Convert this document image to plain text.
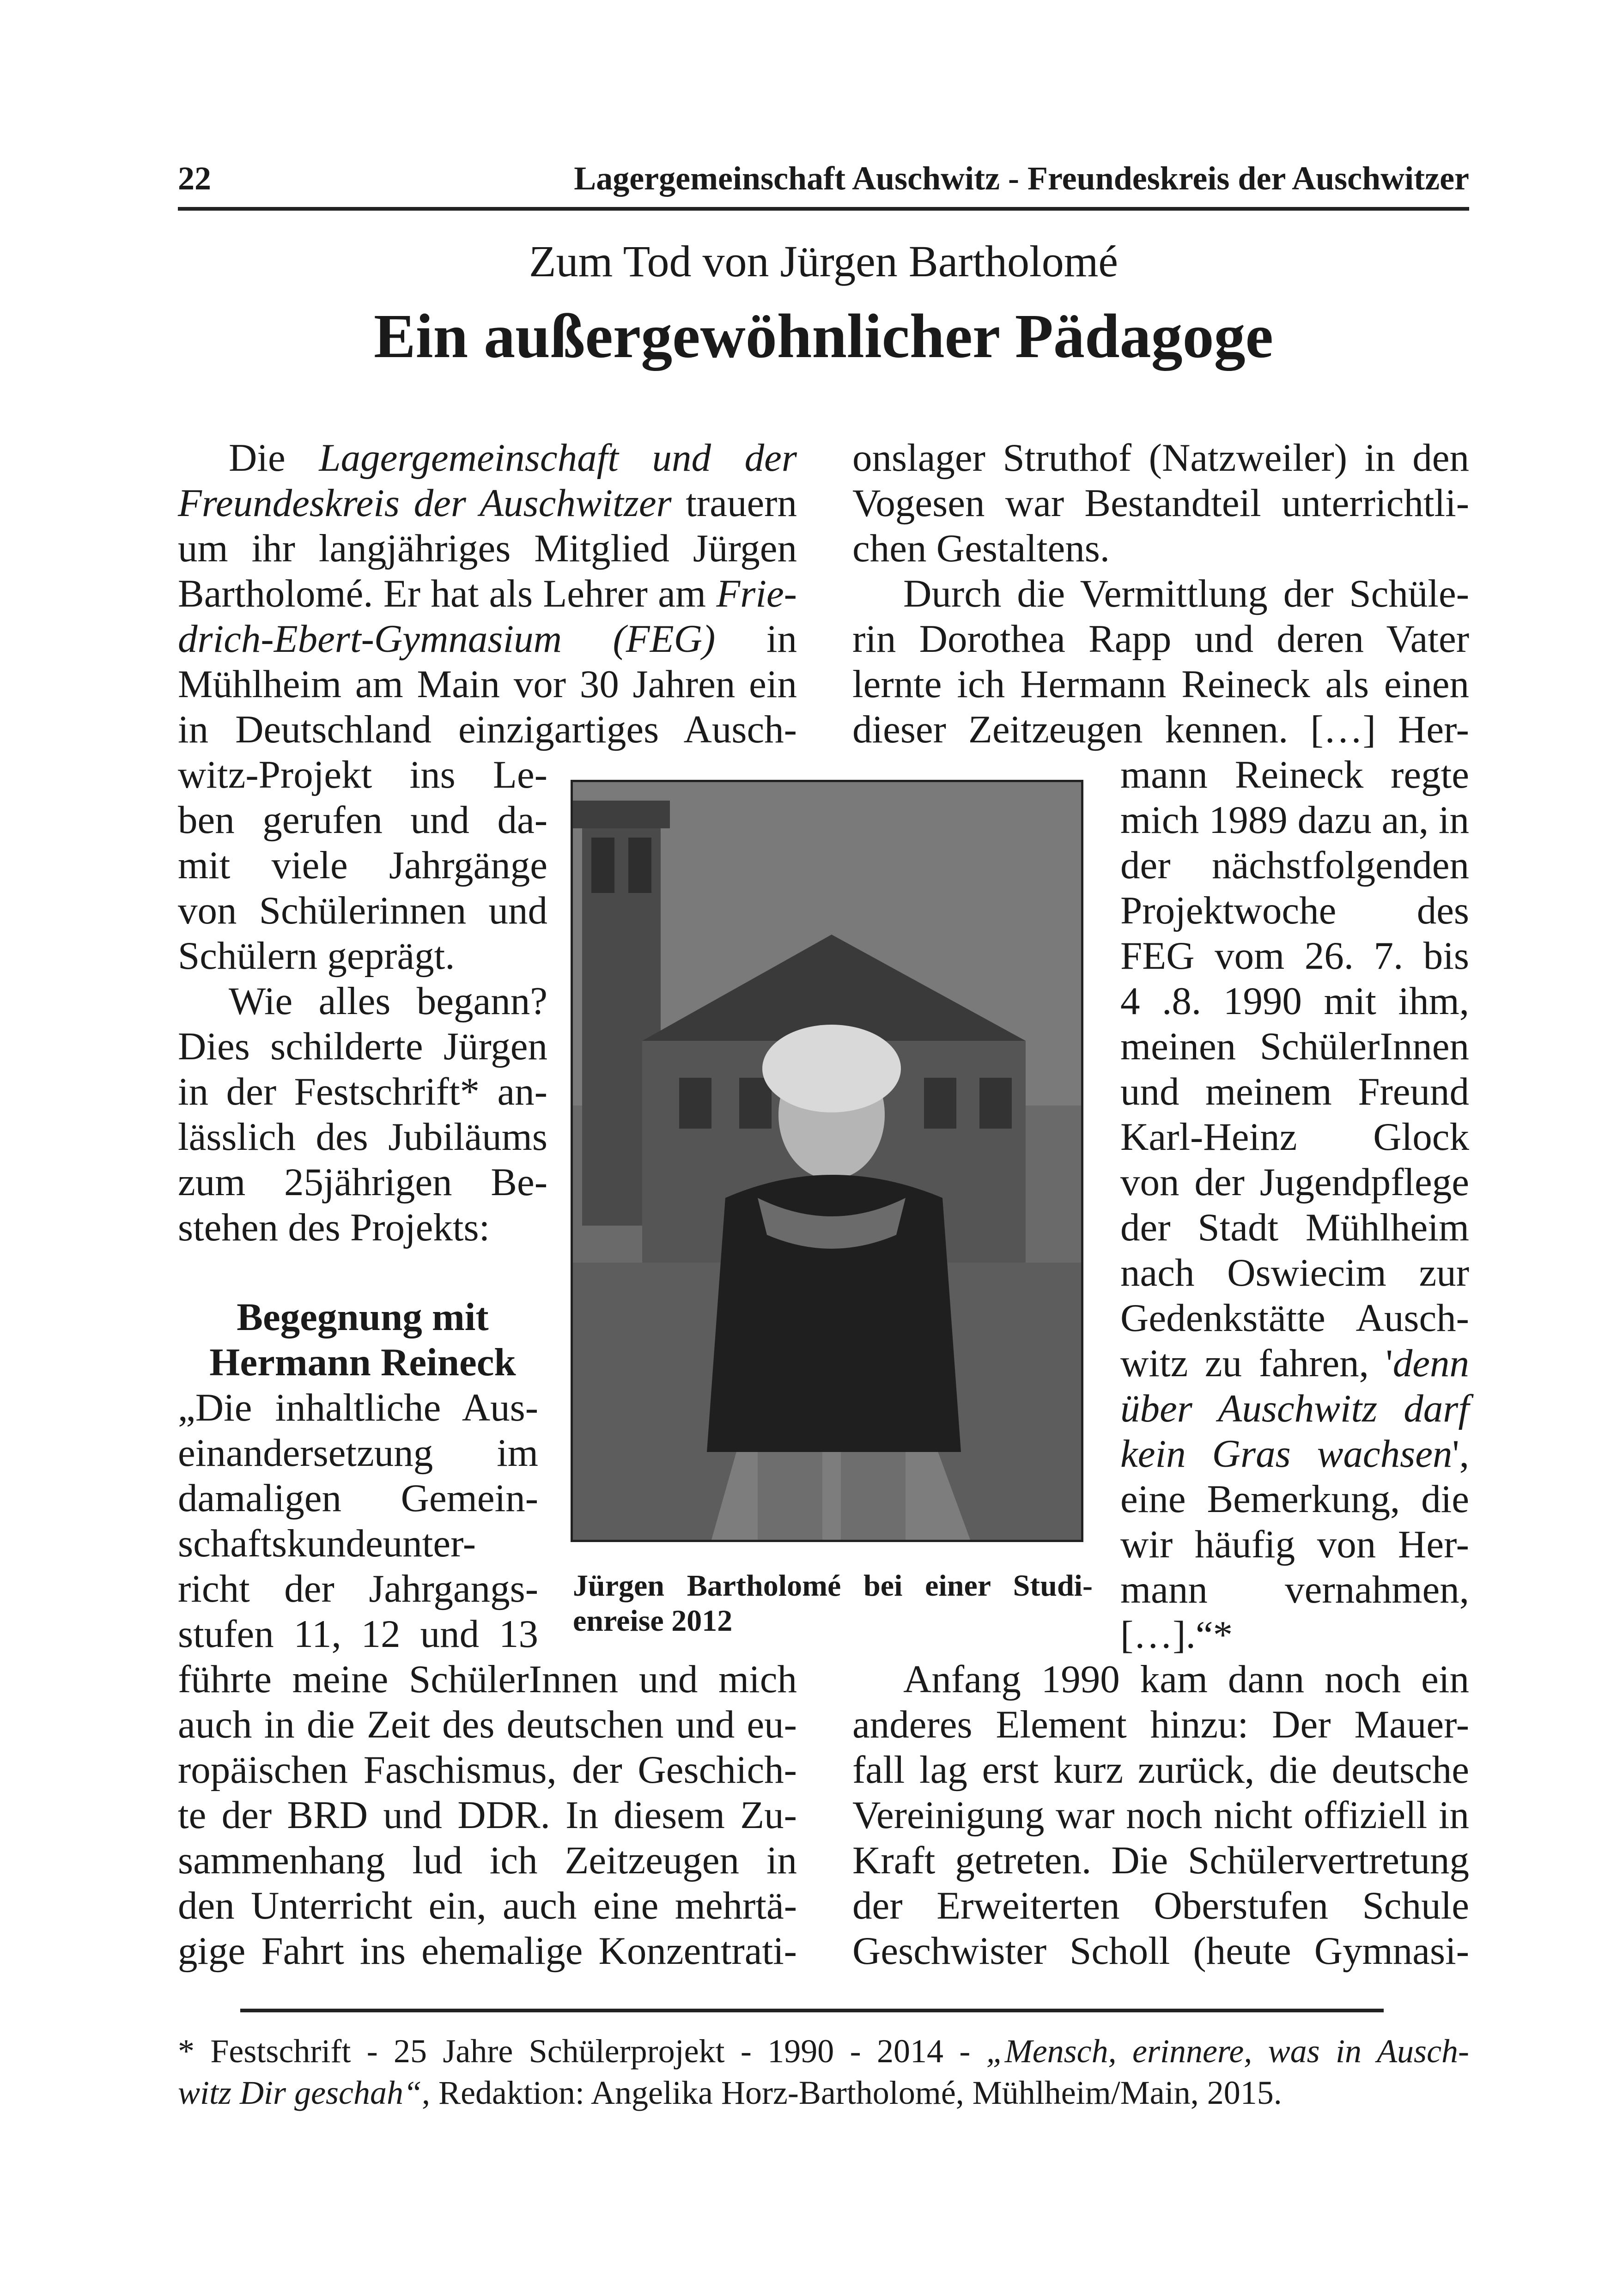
22	Lagergemeinschaft Auschwitz - Freundeskreis der Auschwitzer
Zum Tod von Jürgen Bartholomé
Ein außergewöhnlicher Pädagoge
Die Lagergemeinschaft und der
Freundeskreis der Auschwitzer trauern
um ihr langjähriges Mitglied Jürgen
Bartholomé. Er hat als Lehrer am Frie-
drich-Ebert-Gymnasium (FEG) in
Mühlheim am Main vor 30 Jahren ein
in Deutschland einzigartiges Ausch-
witz-Projekt ins Le-
ben gerufen und da-
mit viele Jahrgänge
von Schülerinnen und
Schülern geprägt.
Wie alles begann?
Dies schilderte Jürgen
in der Festschrift* an-
lässlich des Jubiläums
zum 25jährigen Be-
stehen des Projekts:
Begegnung mit
Hermann Reineck
„Die inhaltliche Aus-
einandersetzung im
damaligen Gemein-
schaftskundeunter-
richt der Jahrgangs-
stufen 11, 12 und 13
führte meine SchülerInnen und mich
auch in die Zeit des deutschen und eu-
ropäischen Faschismus, der Geschich-
te der BRD und DDR. In diesem Zu-
sammenhang lud ich Zeitzeugen in
den Unterricht ein, auch eine mehrtä-
gige Fahrt ins ehemalige Konzentrati-
Jürgen Bartholomé bei einer Studi-
enreise 2012
onslager Struthof (Natzweiler) in den
Vogesen war Bestandteil unterrichtli-
chen Gestaltens.
Durch die Vermittlung der Schüle-
rin Dorothea Rapp und deren Vater
lernte ich Hermann Reineck als einen
dieser Zeitzeugen kennen. […] Her-
mann Reineck regte
mich 1989 dazu an, in
der nächstfolgenden
Projektwoche des
FEG vom 26. 7. bis
4 .8. 1990 mit ihm,
meinen SchülerInnen
und meinem Freund
Karl-Heinz Glock
von der Jugendpflege
der Stadt Mühlheim
nach Oswiecim zur
Gedenkstätte Ausch-
witz zu fahren, 'denn
über Auschwitz darf
kein Gras wachsen',
eine Bemerkung, die
wir häufig von Her-
mann vernahmen,
[…].“*
Anfang 1990 kam dann noch ein
anderes Element hinzu: Der Mauer-
fall lag erst kurz zurück, die deutsche
Vereinigung war noch nicht offiziell in
Kraft getreten. Die Schülervertretung
der Erweiterten Oberstufen Schule
Geschwister Scholl (heute Gymnasi-
* Festschrift - 25 Jahre Schülerprojekt - 1990 - 2014 - „Mensch, erinnere, was in Ausch-
witz Dir geschah“, Redaktion: Angelika Horz-Bartholomé, Mühlheim/Main, 2015.
